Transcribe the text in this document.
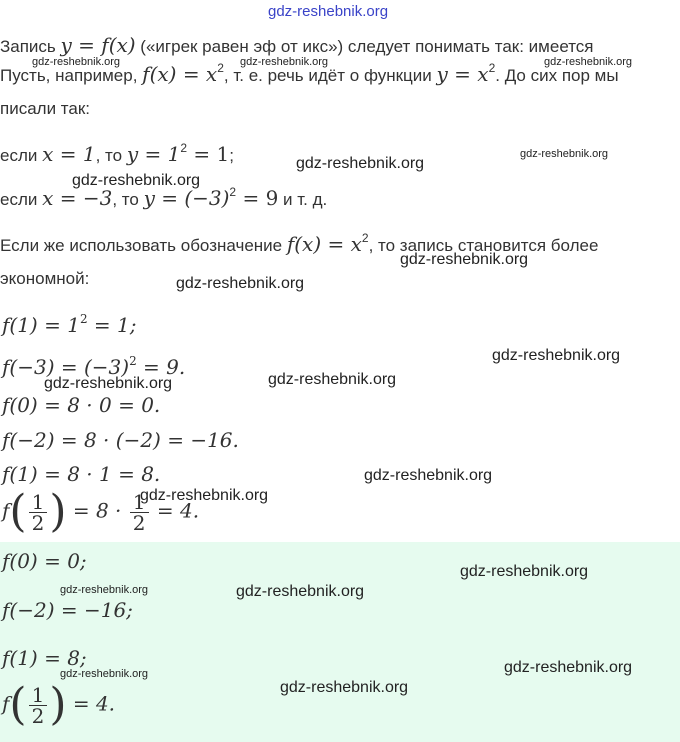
gdz-reshebnik.org
Запись y = f(x) («игрек равен эф от икс») следует понимать так: имеется
Пусть, например, $f(x) = x^2$, т. е. речь идёт о функции $y = x^2$. До сих пор мы
писали так:
если x = 1, то $y = 1^2 = 1$;
если x = −3, то $y = (-3)^2 = 9$ и т. д.
Если же использовать обозначение $f(x) = x^2$, то запись становится более
экономной:
$f(1) = 1^2 = 1$;
$f(-3) = (-3)^2 = 9$.
f(0) = 8 · 0 = 0.
f(−2) = 8 · (−2) = −16.
f(1) = 8 · 1 = 8.
$f( \frac{1}{2}$ ) = $8 \cdot \frac{1}{2} = 4$.
f(0) = 0;
f(−2) = −16;
f(1) = 8;
$f( \frac{1}{2}$ ) = 4.
gdz-reshebnik.org	gdz-reshebnik.org	gdz-reshebnik.org
gdz-reshebnik.org
gdz-reshebnik.org
gdz-reshebnik.org
gdz-reshebnik.org
gdz-reshebnik.org
gdz-reshebnik.org
gdz-reshebnik.org	gdz-reshebnik.org
gdz-reshebnik.org
gdz-reshebnik.org
gdz-reshebnik.org
gdz-reshebnik.org	gdz-reshebnik.org
gdz-reshebnik.org
gdz-reshebnik.org
gdz-reshebnik.org
